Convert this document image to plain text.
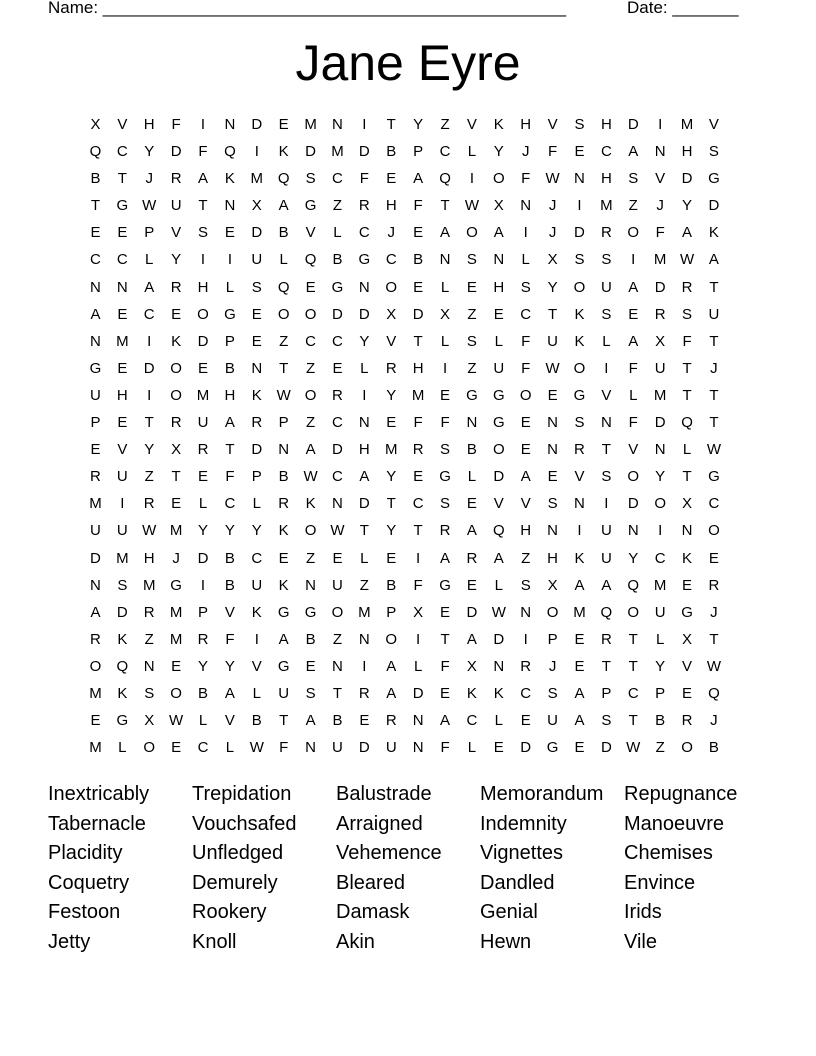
Name: _________________________________________________	Date: _______
Jane Eyre
X	V	H	F	I	N	D	E	M	N	I	T	Y	Z	V	K	H	V	S	H	D	I	M	V
Q	C	Y	D	F	Q	I	K	D	M	D	B	P	C	L	Y	J	F	E	C	A	N	H	S
B	T	J	R	A	K	M Q	S	C	F	E	A	Q	I	O	F	W N	H	S	V	D	G
T	G W U	T	N	X	A	G	Z	R	H	F	T	W X	N	J	I	M	Z	J	Y	D
E	E	P	V	S	E	D	B	V	L	C	J	E	A	O	A	I	J	D	R	O	F	A	K
C	C	L	Y	I	I	U	L	Q	B	G	C	B	N	S	N	L	X	S	S	I	M W A
N	N	A	R	H	L	S	Q	E	G	N	O	E	L	E	H	S	Y	O	U	A	D	R	T
A	E	C	E	O	G	E	O	O	D	D	X	D	X	Z	E	C	T	K	S	E	R	S	U
N	M	I	K	D	P	E	Z	C	C	Y	V	T	L	S	L	F	U	K	L	A	X	F	T
G	E	D	O	E	B	N	T	Z	E	L	R	H	I	Z	U	F	W O	I	F	U	T	J
U	H	I	O M	H	K W O	R	I	Y	M	E	G	G	O	E	G	V	L	M	T	T
P	E	T	R	U	A	R	P	Z	C	N	E	F	F	N	G	E	N	S	N	F	D	Q	T
E	V	Y	X	R	T	D	N	A	D	H	M	R	S	B	O	E	N	R	T	V	N	L	W
R	U	Z	T	E	F	P	B W C	A	Y	E	G	L	D	A	E	V	S	O	Y	T	G
M	I	R	E	L	C	L	R	K	N	D	T	C	S	E	V	V	S	N	I	D	O	X	C
U	U W M	Y	Y	Y	K	O W	T	Y	T	R	A	Q	H	N	I	U	N	I	N	O
D	M	H	J	D	B	C	E	Z	E	L	E	I	A	R	A	Z	H	K	U	Y	C	K	E
N	S	M G	I	B	U	K	N	U	Z	B	F	G	E	L	S	X	A	A	Q M	E	R
A	D	R	M	P	V	K	G	G	O M	P	X	E	D W N	O M Q	O	U	G	J
R	K	Z	M	R	F	I	A	B	Z	N	O	I	T	A	D	I	P	E	R	T	L	X	T
O	Q	N	E	Y	Y	V	G	E	N	I	A	L	F	X	N	R	J	E	T	T	Y	V W
M	K	S	O	B	A	L	U	S	T	R	A	D	E	K	K	C	S	A	P	C	P	E	Q
E	G	X W	L	V	B	T	A	B	E	R	N	A	C	L	E	U	A	S	T	B	R	J
M	L	O	E	C	L	W	F	N	U	D	U	N	F	L	E	D	G	E	D W	Z	O	B
Inextricably	Trepidation	Balustrade	Memorandum	Repugnance
Tabernacle	Vouchsafed	Arraigned	Indemnity	Manoeuvre
Placidity	Unfledged	Vehemence	Vignettes	Chemises
Coquetry	Demurely	Bleared	Dandled	Envince
Festoon	Rookery	Damask	Genial	Irids
Jetty	Knoll	Akin	Hewn	Vile
